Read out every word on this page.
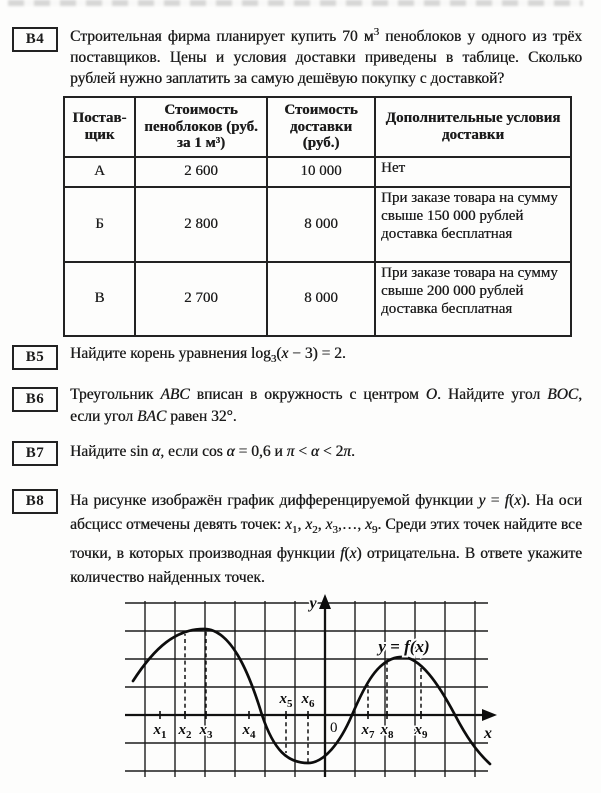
В4	Строительная фирма планирует купить 70 $м^3$ пеноблоков у одного из трёх поставщиков. Цены и условия доставки приведены в таблице. Сколько рублей нужно заплатить за самую дешёвую покупку с доставкой?

Постав-щик	Стоимость пеноблоков (руб. за 1 м³)	Стоимость доставки (руб.)	Дополнительные условия доставки
А	2 600	10 000	Нет
Б	2 800	8 000	При заказе товара на сумму свыше 150 000 рублей доставка бесплатная
В	2 700	8 000	При заказе товара на сумму свыше 200 000 рублей доставка бесплатная
В5	Найдите корень уравнения $\log_3(x - 3) = 2$.

В6	Треугольник ABC вписан в окружность с центром O. Найдите угол BOC, если угол BAC равен 32°.

В7	Найдите sin α, если cos α = 0,6 и π < α < 2π.

В8	На рисунке изображён график дифференцируемой функции y = f(x). На оси абсцисс отмечены девять точек: $x_1$, $x_2$, $x_3,\dots$, $x_9$. Среди этих точек найдите все точки, в которых производная функции f(x) отрицательна. В ответе укажите количество найденных точек.

$x_1$ $x_2$ $x_3$ $x_4$
$x_5$ $x_6$
$x_7$ $x_8$ $x_9$
0
y = f(x)
x
y
